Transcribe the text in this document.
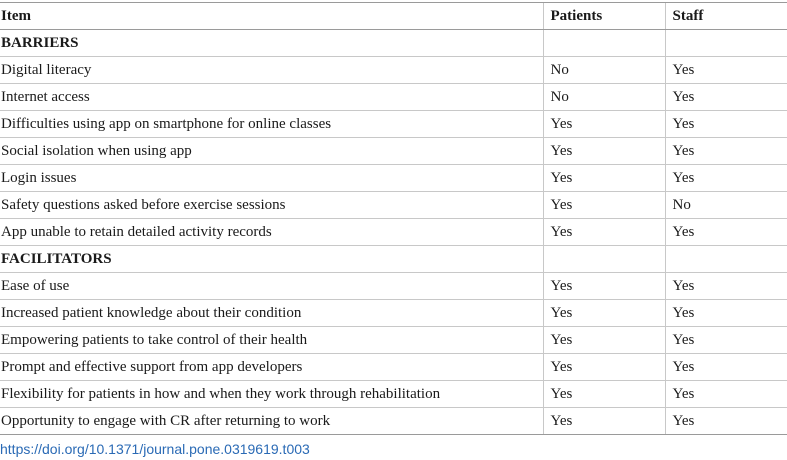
Item	Patients	Staff
BARRIERS		
Digital literacy	No	Yes
Internet access	No	Yes
Difficulties using app on smartphone for online classes	Yes	Yes
Social isolation when using app	Yes	Yes
Login issues	Yes	Yes
Safety questions asked before exercise sessions	Yes	No
App unable to retain detailed activity records	Yes	Yes
FACILITATORS		
Ease of use	Yes	Yes
Increased patient knowledge about their condition	Yes	Yes
Empowering patients to take control of their health	Yes	Yes
Prompt and effective support from app developers	Yes	Yes
Flexibility for patients in how and when they work through rehabilitation	Yes	Yes
Opportunity to engage with CR after returning to work	Yes	Yes
https://doi.org/10.1371/journal.pone.0319619.t003
